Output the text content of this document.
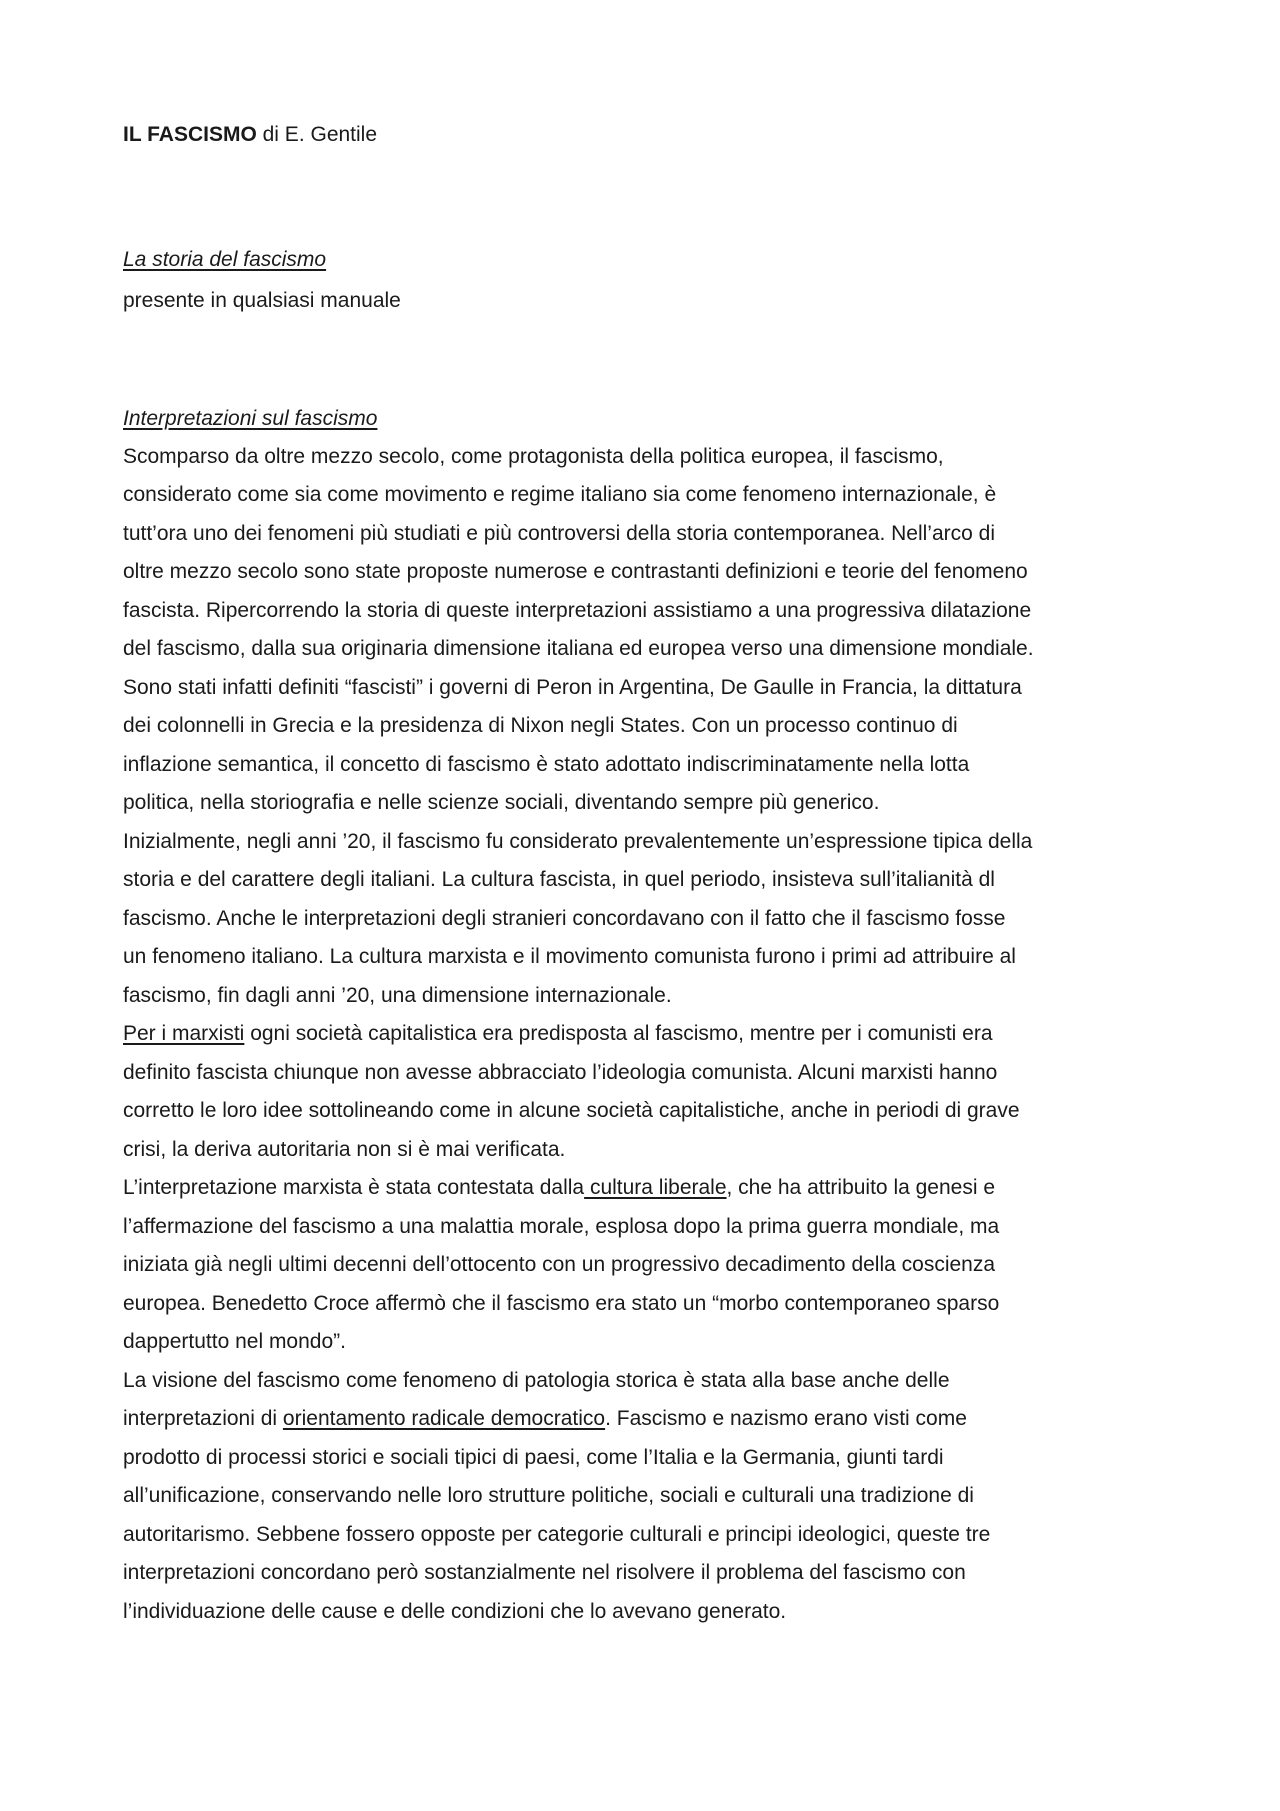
IL FASCISMO di E. Gentile
La storia del fascismo
presente in qualsiasi manuale
Interpretazioni sul fascismo
Scomparso da oltre mezzo secolo, come protagonista della politica europea, il fascismo,
considerato come sia come movimento e regime italiano sia come fenomeno internazionale, è
tutt’ora uno dei fenomeni più studiati e più controversi della storia contemporanea. Nell’arco di
oltre mezzo secolo sono state proposte numerose e contrastanti definizioni e teorie del fenomeno
fascista. Ripercorrendo la storia di queste interpretazioni assistiamo a una progressiva dilatazione
del fascismo, dalla sua originaria dimensione italiana ed europea verso una dimensione mondiale.
Sono stati infatti definiti “fascisti” i governi di Peron in Argentina, De Gaulle in Francia, la dittatura
dei colonnelli in Grecia e la presidenza di Nixon negli States. Con un processo continuo di
inflazione semantica, il concetto di fascismo è stato adottato indiscriminatamente nella lotta
politica, nella storiografia e nelle scienze sociali, diventando sempre più generico.
Inizialmente, negli anni ’20, il fascismo fu considerato prevalentemente un’espressione tipica della
storia e del carattere degli italiani. La cultura fascista, in quel periodo, insisteva sull’italianità dl
fascismo. Anche le interpretazioni degli stranieri concordavano con il fatto che il fascismo fosse
un fenomeno italiano. La cultura marxista e il movimento comunista furono i primi ad attribuire al
fascismo, fin dagli anni ’20, una dimensione internazionale.
Per i marxisti ogni società capitalistica era predisposta al fascismo, mentre per i comunisti era
definito fascista chiunque non avesse abbracciato l’ideologia comunista. Alcuni marxisti hanno
corretto le loro idee sottolineando come in alcune società capitalistiche, anche in periodi di grave
crisi, la deriva autoritaria non si è mai verificata.
L’interpretazione marxista è stata contestata dalla cultura liberale, che ha attribuito la genesi e
l’affermazione del fascismo a una malattia morale, esplosa dopo la prima guerra mondiale, ma
iniziata già negli ultimi decenni dell’ottocento con un progressivo decadimento della coscienza
europea. Benedetto Croce affermò che il fascismo era stato un “morbo contemporaneo sparso
dappertutto nel mondo”.
La visione del fascismo come fenomeno di patologia storica è stata alla base anche delle
interpretazioni di orientamento radicale democratico. Fascismo e nazismo erano visti come
prodotto di processi storici e sociali tipici di paesi, come l’Italia e la Germania, giunti tardi
all’unificazione, conservando nelle loro strutture politiche, sociali e culturali una tradizione di
autoritarismo. Sebbene fossero opposte per categorie culturali e principi ideologici, queste tre
interpretazioni concordano però sostanzialmente nel risolvere il problema del fascismo con
l’individuazione delle cause e delle condizioni che lo avevano generato.
